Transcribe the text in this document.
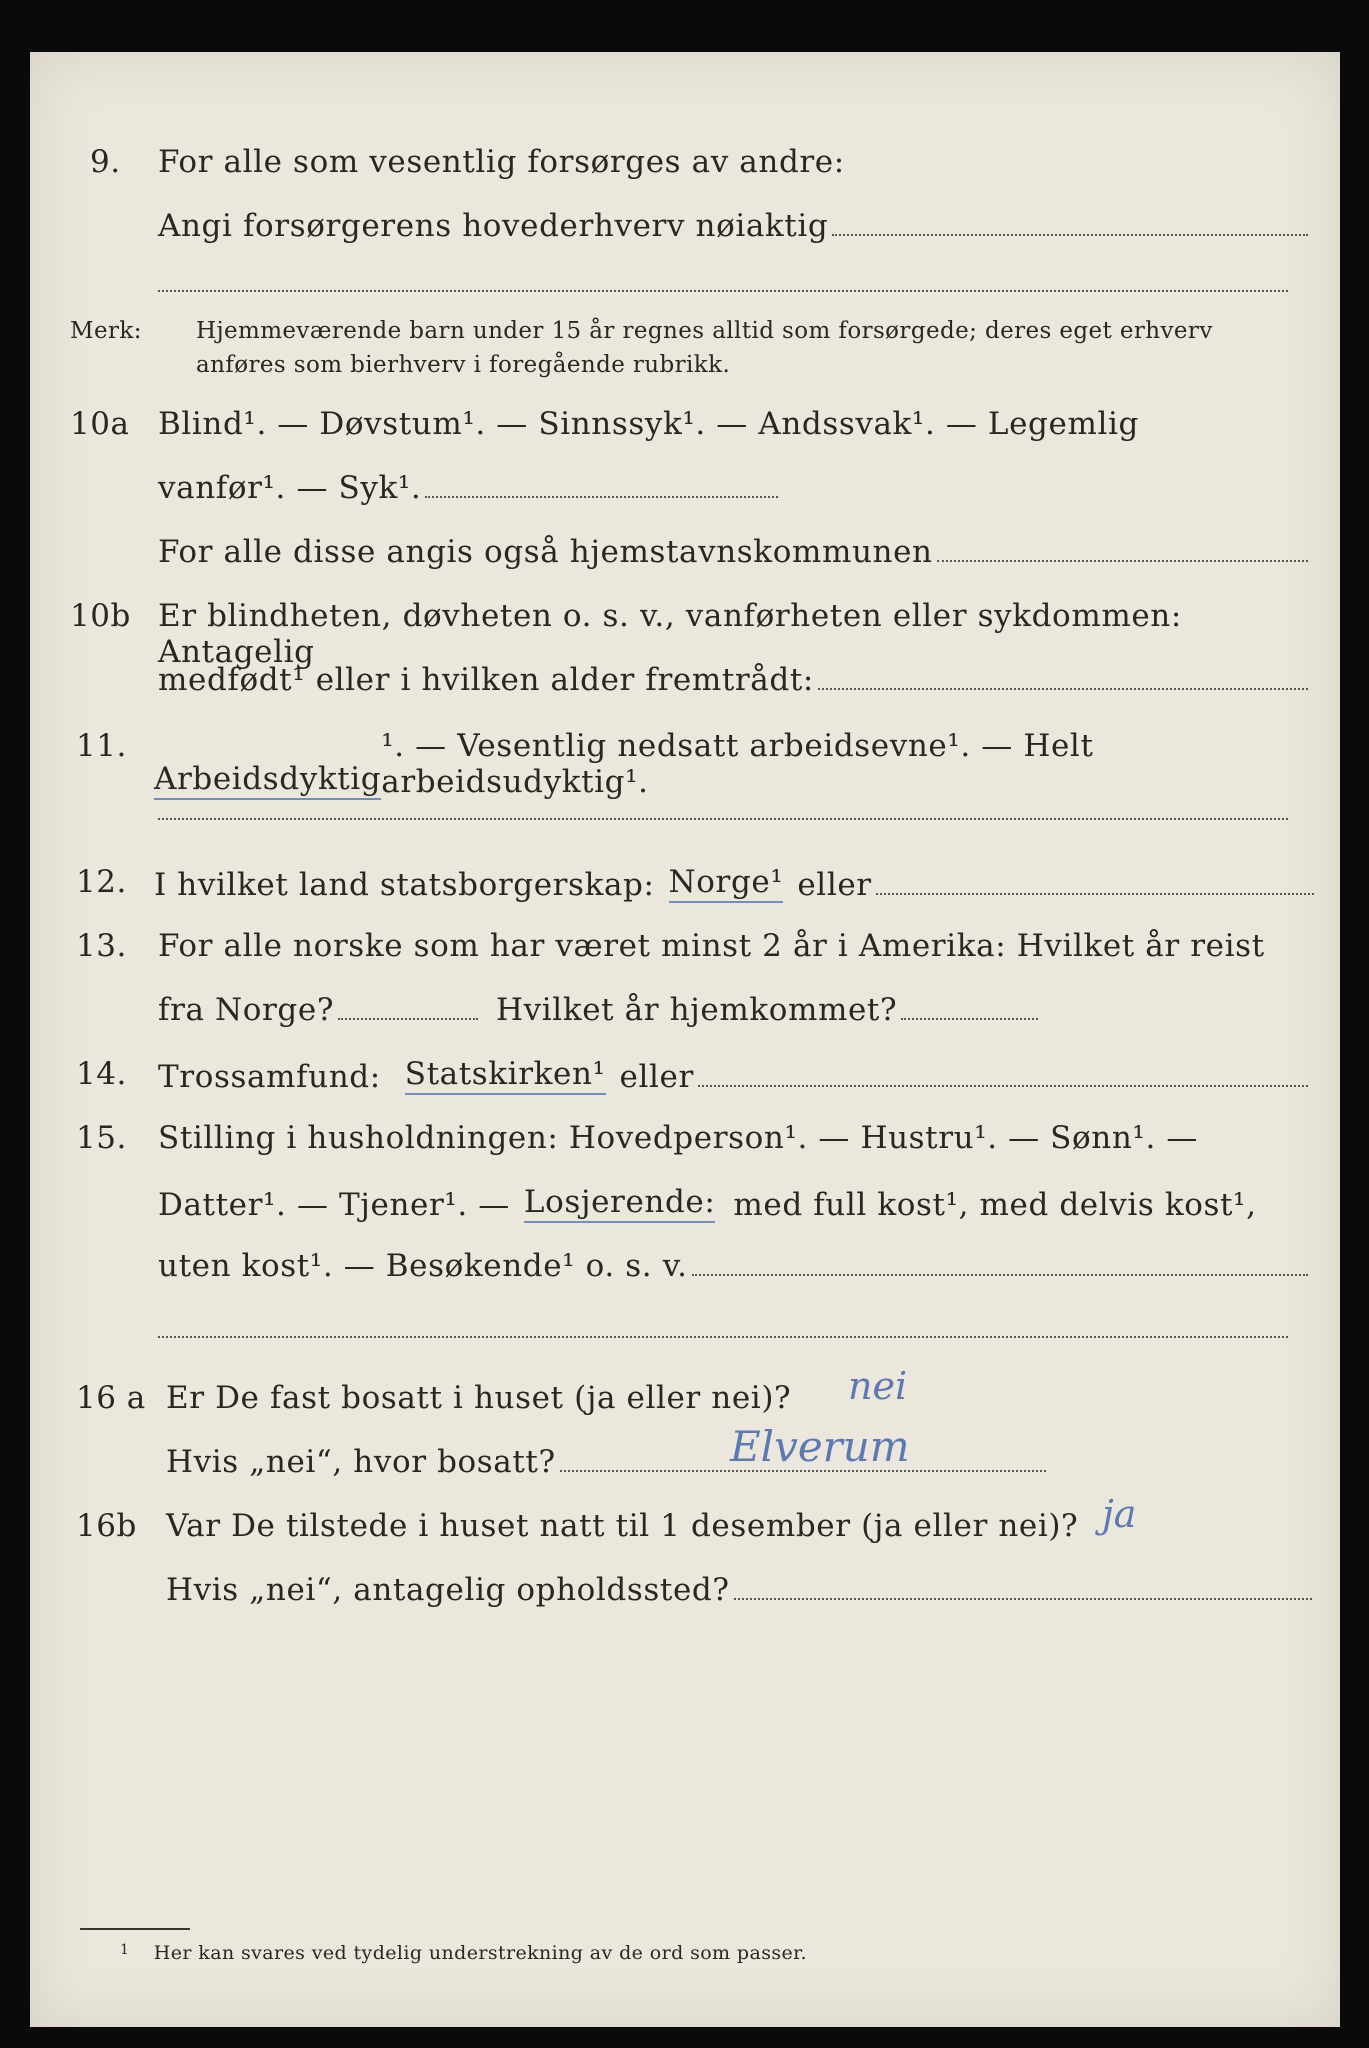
9. For alle som vesentlig forsørges av andre:
Angi forsørgerens hovederhverv nøiaktig
Merk: Hjemmeværende barn under 15 år regnes alltid som forsørgede; deres eget erhverv
anføres som bierhverv i foregående rubrikk.
10a Blind¹. — Døvstum¹. — Sinnssyk¹. — Andssvak¹. — Legemlig
vanfør¹. — Syk¹.
For alle disse angis også hjemstavnskommunen
10b Er blindheten, døvheten o. s. v., vanførheten eller sykdommen: Antagelig
medfødt¹ eller i hvilken alder fremtrådt:
11.
Arbeidsdyktig
¹. — Vesentlig nedsatt arbeidsevne¹. — Helt arbeidsudyktig¹.
12. I hvilket land statsborgerskap: Norge¹ eller
13. For alle norske som har været minst 2 år i Amerika: Hvilket år reist
fra Norge?	Hvilket år hjemkommet?
14. Trossamfund: Statskirken¹ eller
15. Stilling i husholdningen: Hovedperson¹. — Hustru¹. — Sønn¹. —
Datter¹. — Tjener¹. — Losjerende: med full kost¹, med delvis kost¹,
uten kost¹. — Besøkende¹ o. s. v.
16 a Er De fast bosatt i huset (ja eller nei)? nei
Hvis „nei“, hvor bosatt?	Elverum
16b Var De tilstede i huset natt til 1 desember (ja eller nei)? ja
Hvis „nei“, antagelig opholdssted?
$^1$ Her kan svares ved tydelig understrekning av de ord som passer.
